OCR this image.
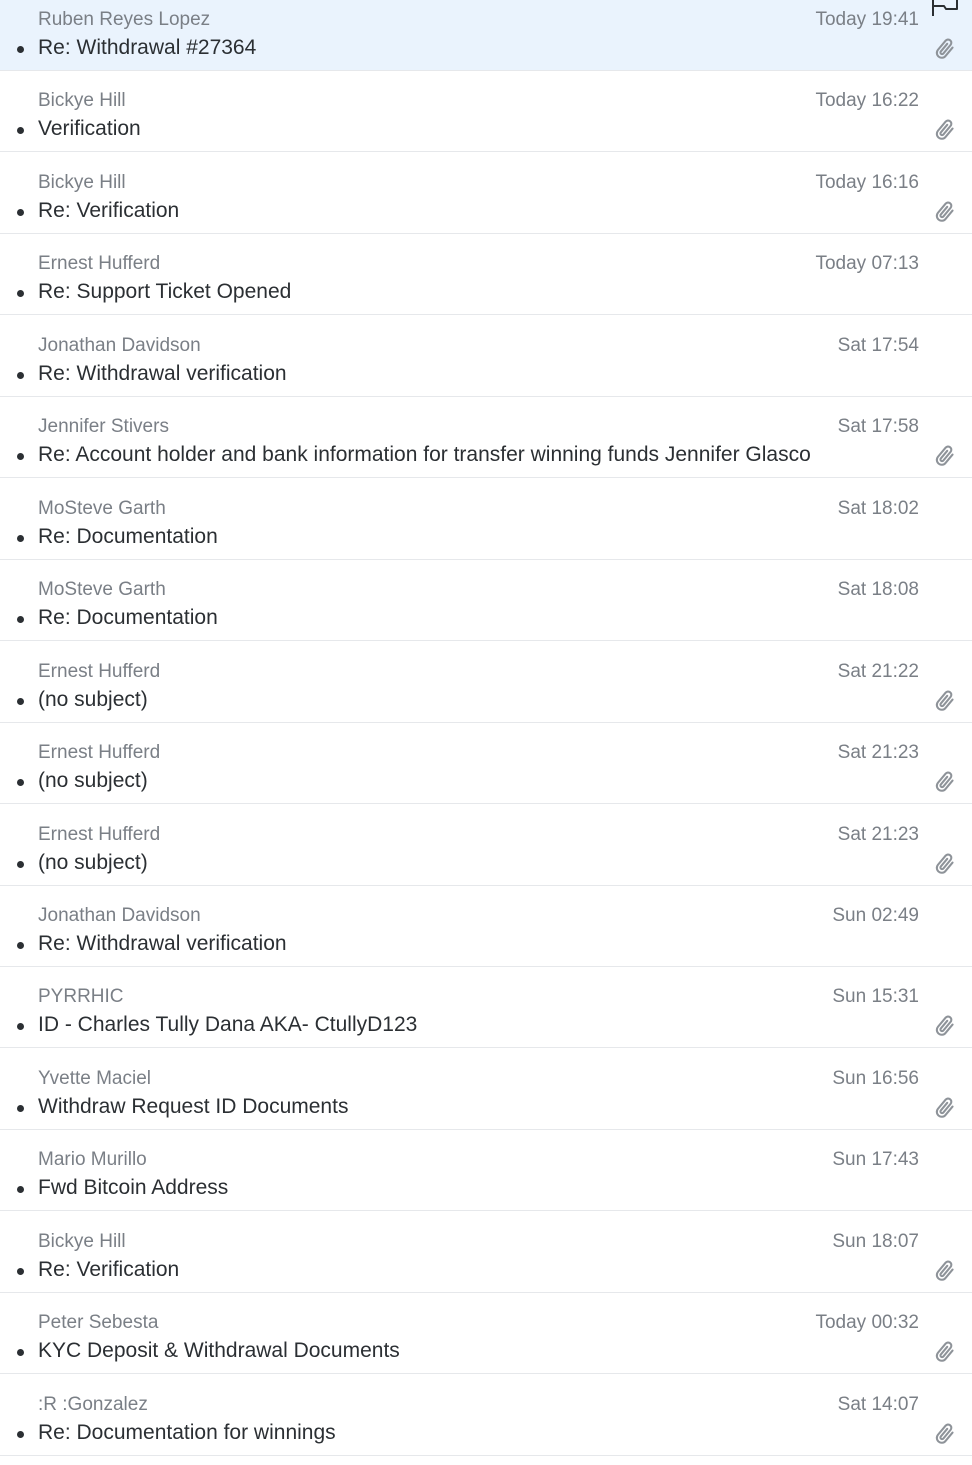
Ruben Reyes Lopez	Today 19:41
Re: Withdrawal #27364
Bickye Hill	Today 16:22
Verification
Bickye Hill	Today 16:16
Re: Verification
Ernest Hufferd	Today 07:13
Re: Support Ticket Opened
Jonathan Davidson	Sat 17:54
Re: Withdrawal verification
Jennifer Stivers	Sat 17:58
Re: Account holder and bank information for transfer winning funds Jennifer Glasco
MoSteve Garth	Sat 18:02
Re: Documentation
MoSteve Garth	Sat 18:08
Re: Documentation
Ernest Hufferd	Sat 21:22
(no subject)
Ernest Hufferd	Sat 21:23
(no subject)
Ernest Hufferd	Sat 21:23
(no subject)
Jonathan Davidson	Sun 02:49
Re: Withdrawal verification
PYRRHIC	Sun 15:31
ID - Charles Tully Dana AKA- CtullyD123
Yvette Maciel	Sun 16:56
Withdraw Request ID Documents
Mario Murillo	Sun 17:43
Fwd Bitcoin Address
Bickye Hill	Sun 18:07
Re: Verification
Peter Sebesta	Today 00:32
KYC Deposit & Withdrawal Documents
:R :Gonzalez	Sat 14:07
Re: Documentation for winnings
